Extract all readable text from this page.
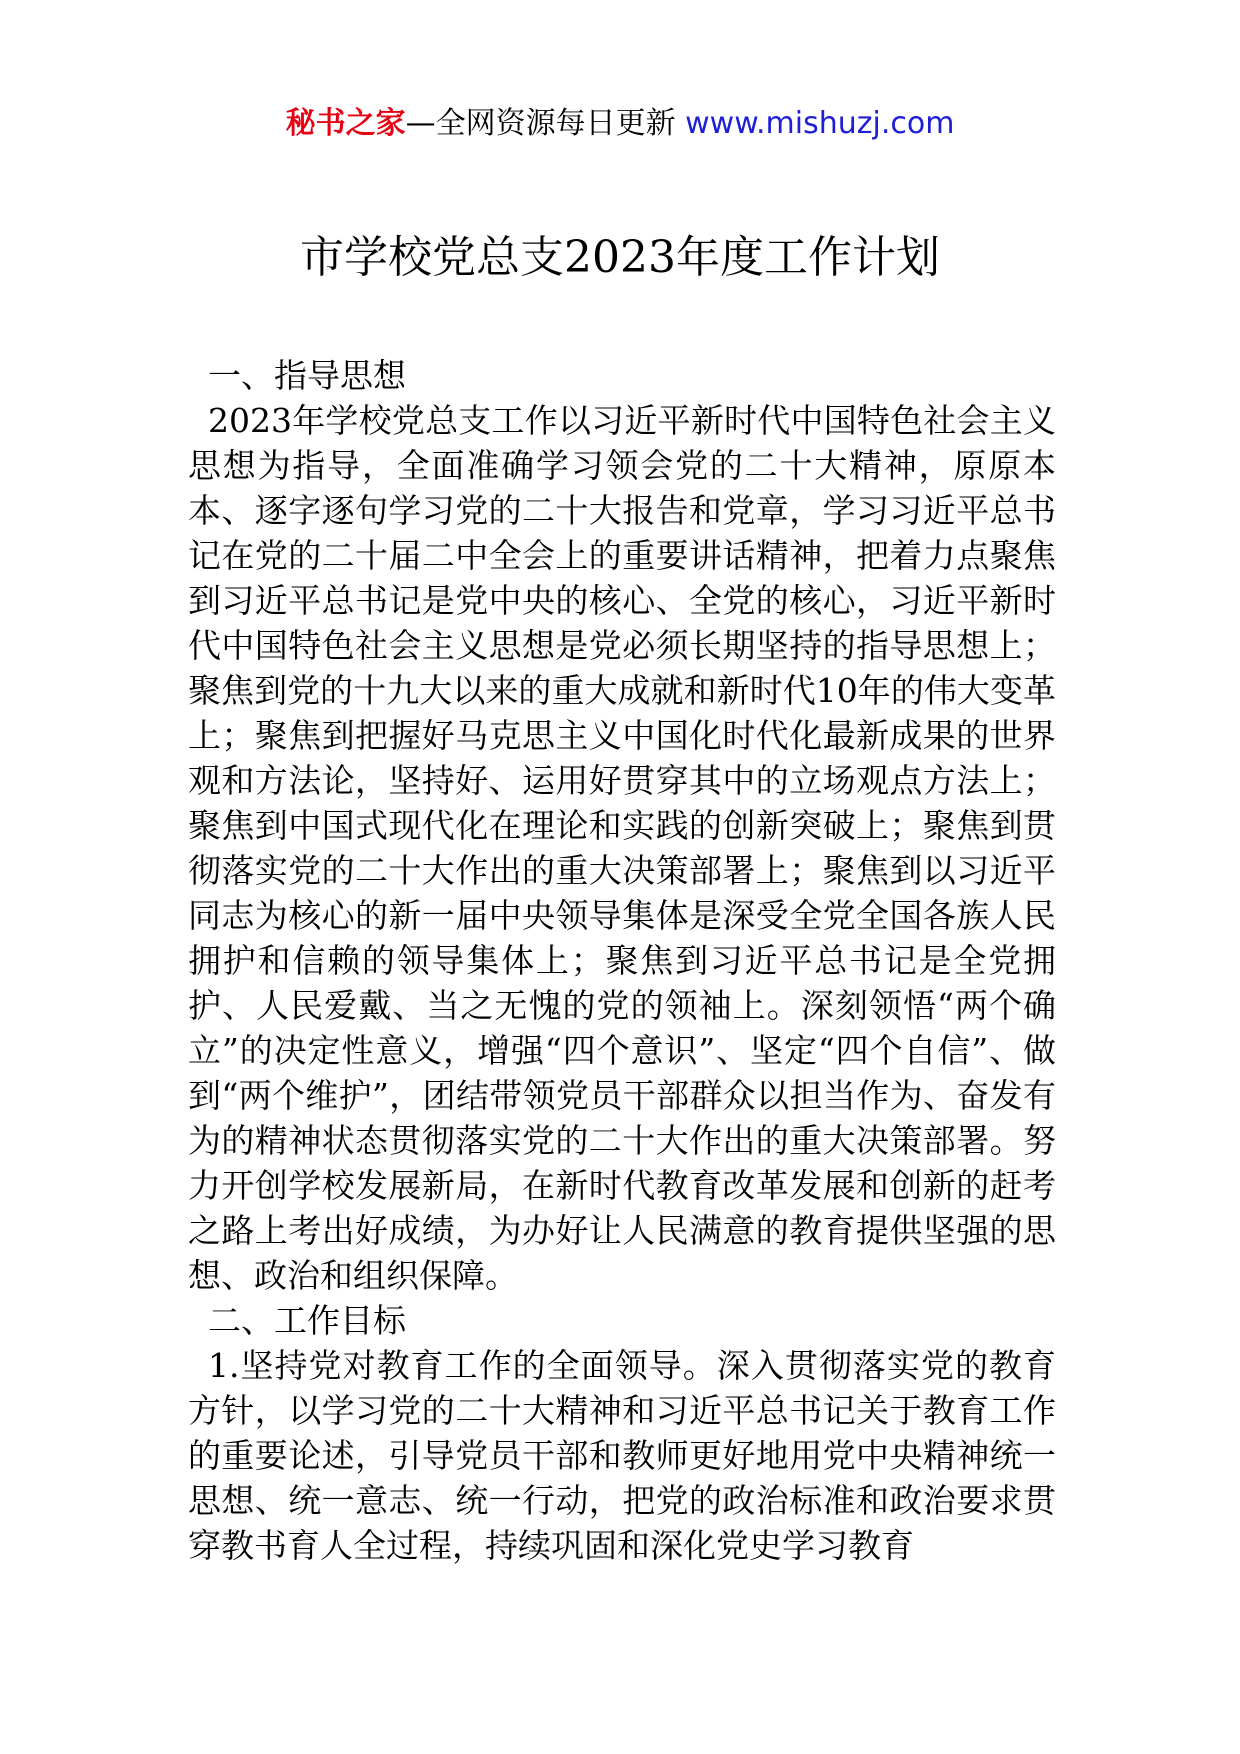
秘书之家—全网资源每日更新 www.mishuzj.com
市学校党总支2023年度工作计划

一、指导思想

2023年学校党总支工作以习近平新时代中国特色社会主义思想为指导，全面准确学习领会党的二十大精神，原原本本、逐字逐句学习党的二十大报告和党章，学习习近平总书记在党的二十届二中全会上的重要讲话精神，把着力点聚焦到习近平总书记是党中央的核心、全党的核心，习近平新时代中国特色社会主义思想是党必须长期坚持的指导思想上；聚焦到党的十九大以来的重大成就和新时代10年的伟大变革上；聚焦到把握好马克思主义中国化时代化最新成果的世界观和方法论，坚持好、运用好贯穿其中的立场观点方法上；聚焦到中国式现代化在理论和实践的创新突破上；聚焦到贯彻落实党的二十大作出的重大决策部署上；聚焦到以习近平同志为核心的新一届中央领导集体是深受全党全国各族人民拥护和信赖的领导集体上；聚焦到习近平总书记是全党拥护、人民爱戴、当之无愧的党的领袖上。深刻领悟“两个确立”的决定性意义，增强“四个意识”、坚定“四个自信”、做到“两个维护”，团结带领党员干部群众以担当作为、奋发有为的精神状态贯彻落实党的二十大作出的重大决策部署。努力开创学校发展新局，在新时代教育改革发展和创新的赶考之路上考出好成绩，为办好让人民满意的教育提供坚强的思想、政治和组织保障。

二、工作目标

1.坚持党对教育工作的全面领导。深入贯彻落实党的教育方针，以学习党的二十大精神和习近平总书记关于教育工作的重要论述，引导党员干部和教师更好地用党中央精神统一思想、统一意志、统一行动，把党的政治标准和政治要求贯穿教书育人全过程，持续巩固和深化党史学习教育
